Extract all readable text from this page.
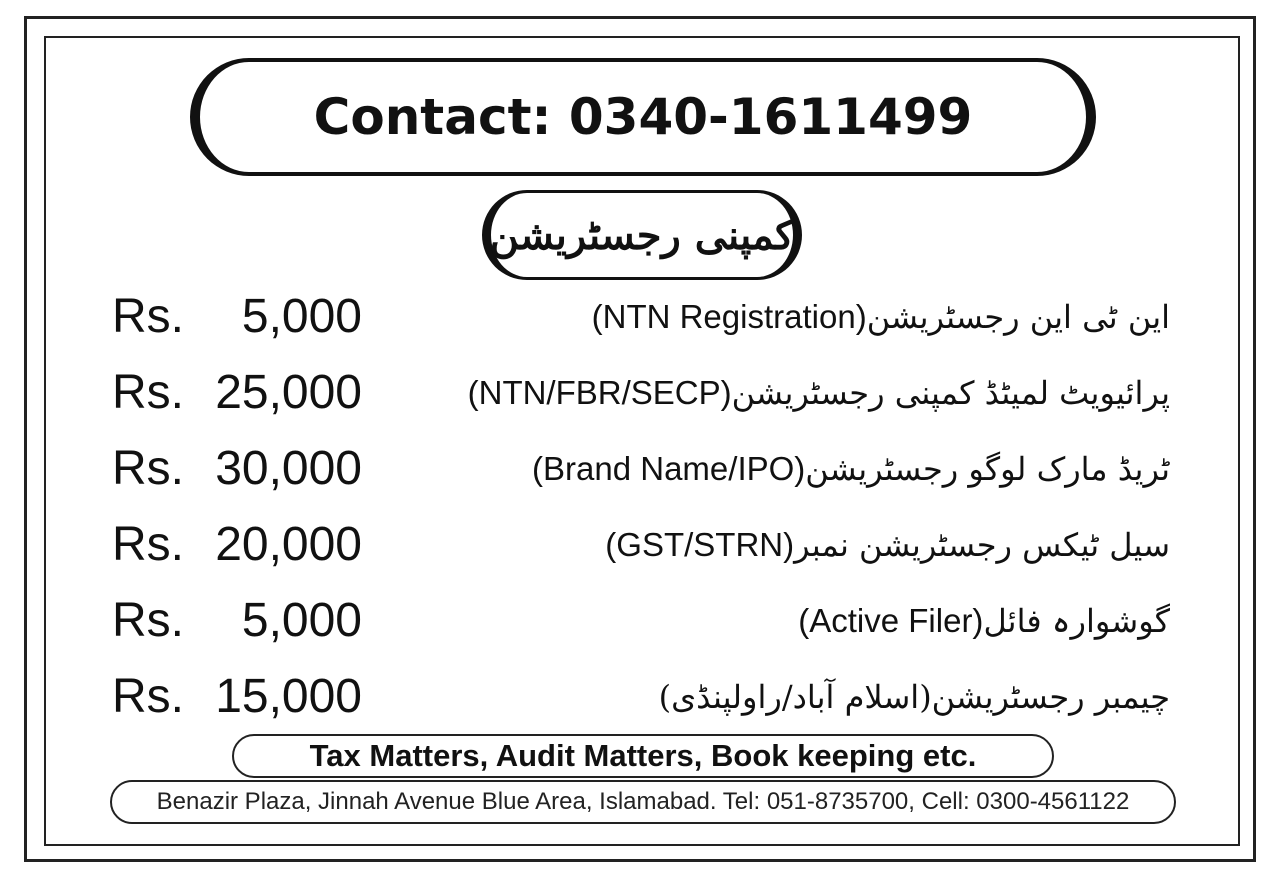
Contact: 0340-1611499
کمپنی رجسٹریشن
Rs. 5,000	این ٹی این رجسٹریشن(NTN Registration)
Rs. 25,000	پرائیویٹ لمیٹڈ کمپنی رجسٹریشن(NTN/FBR/SECP)
Rs. 30,000	ٹریڈ مارک لوگو رجسٹریشن(Brand Name/IPO)
Rs. 20,000	سیل ٹیکس رجسٹریشن نمبر(GST/STRN)
Rs. 5,000	گوشوارہ فائل(Active Filer)
Rs. 15,000	چیمبر رجسٹریشن(اسلام آباد/راولپنڈی)
Tax Matters, Audit Matters, Book keeping etc.
Benazir Plaza, Jinnah Avenue Blue Area, Islamabad. Tel: 051-8735700, Cell: 0300-4561122
